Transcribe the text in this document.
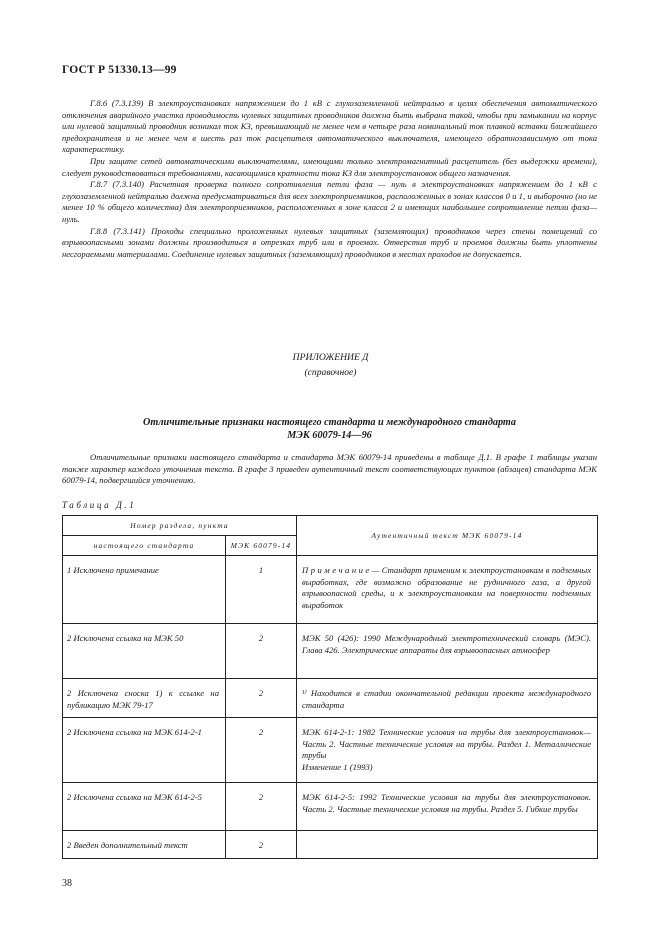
ГОСТ Р 51330.13—99

Г.8.6 (7.3.139) В электроустановках напряжением до 1 кВ с глухозаземленной нейтралью в целях обеспечения автоматического отключения аварийного участка проводимость нулевых защитных проводников должна быть выбрана такой, чтобы при замыкании на корпус или нулевой защитный проводник возникал ток КЗ, превышающий не менее чем в четыре раза номинальный ток плавкой вставки ближайшего предохранителя и не менее чем в шесть раз ток расцепителя автоматического выключателя, имеющего обратнозависимую от тока характеристику.

При защите сетей автоматическими выключателями, имеющими только электромагнитный расцепитель (без выдержки времени), следует руководствоваться требованиями, касающимися кратности тока КЗ для электроустановок общего назначения.

Г.8.7 (7.3.140) Расчетная проверка полного сопротивления петли фаза — нуль в электроустановках напряжением до 1 кВ с глухозаземленной нейтралью должна предусматриваться для всех электроприемников, расположенных в зонах классов 0 и 1, и выборочно (но не менее 10 % общего количества) для электроприемников, расположенных в зоне класса 2 и имеющих наибольшее сопротивление петли фаза— нуль.

Г.8.8 (7.3.141) Проходы специально проложенных нулевых защитных (заземляющих) проводников через стены помещений со взрывоопасными зонами должны производиться в отрезках труб или в проемах. Отверстия труб и проемов должны быть уплотнены несгораемыми материалами. Соединение нулевых защитных (заземляющих) проводников в местах проходов не допускается.

ПРИЛОЖЕНИЕ Д
(справочное)
Отличительные признаки настоящего стандарта и международного стандарта
МЭК 60079-14—96

Отличительные признаки настоящего стандарта и стандарта МЭК 60079-14 приведены в таблице Д.1. В графе 1 таблицы указан также характер каждого уточнения текста. В графе 3 приведен аутентичный текст соответствующих пунктов (абзацев) стандарта МЭК 60079-14, подвергшийся уточнению.

Таблица Д.1
Номер раздела, пункта		Аутентичный текст МЭК 60079-14
настоящего стандарта	МЭК 60079-14	
1 Исключено примечание	1	П р и м е ч а н и е — Стандарт применим к электроустановкам в подземных выработках, где возможно образование не рудничного газа, а другой взрывоопасной среды, и к электроустановкам на поверхности подземных выработок
2 Исключена ссылка на МЭК 50	2	МЭК 50 (426): 1990 Международный электротехнический словарь (МЭС). Глава 426. Электрические аппараты для взрывоопасных атмосфер
2 Исключена сноска 1) к ссылке на публикацию МЭК 79-17	2	¹⁾ Находится в стадии окончательной редакции проекта международного стандарта
2 Исключена ссылка на МЭК 614-2-1	2	МЭК 614-2-1: 1982 Технические условия на трубы для электроустановок— Часть 2. Частные технические условия на трубы. Раздел 1. Металлические трубы
Изменение 1 (1993)
2 Исключена ссылка на МЭК 614-2-5	2	МЭК 614-2-5: 1992 Технические условия на трубы для электроустановок. Часть 2. Частные технические условия на трубы. Раздел 5. Гибкие трубы
2 Введен дополнительный текст	2	
38
